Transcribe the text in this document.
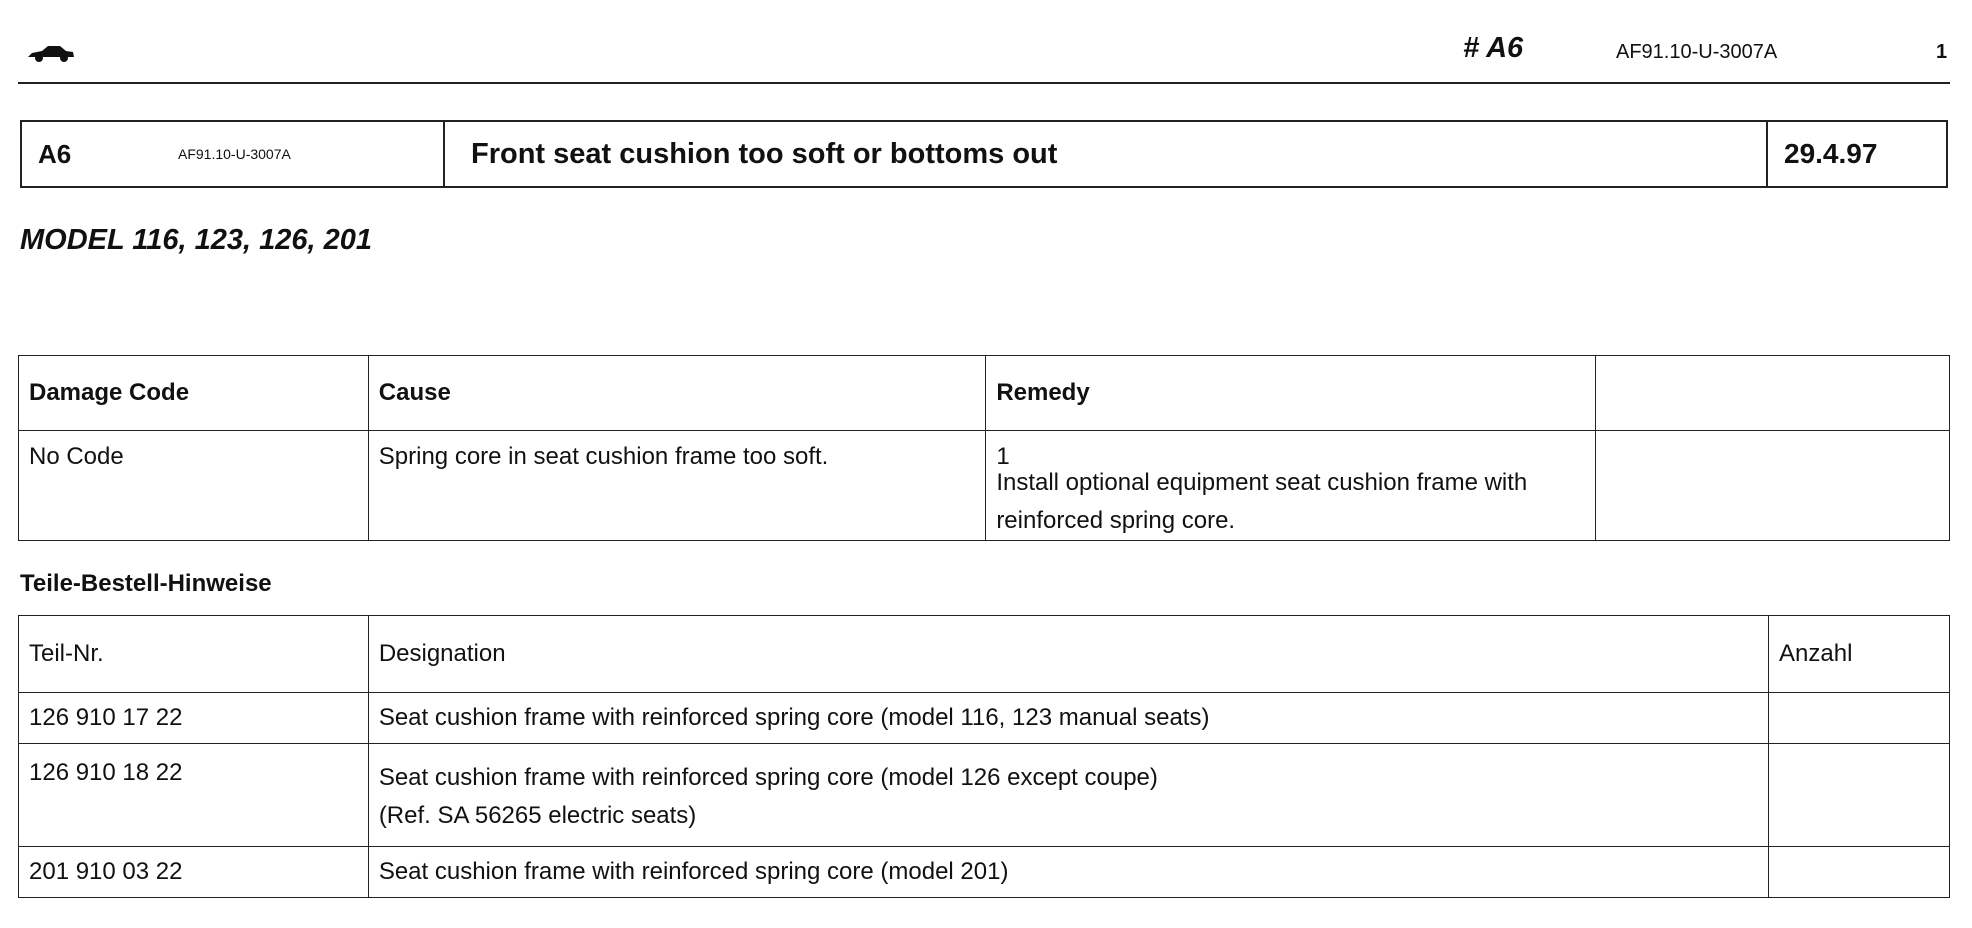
# A6	AF91.10-U-3007A	1
A6	AF91.10-U-3007A	Front seat cushion too soft or bottoms out	29.4.97
MODEL 116, 123, 126, 201
Damage Code	Cause	Remedy	
No Code	Spring core in seat cushion frame too soft.	1Install optional equipment seat cushion frame with reinforced spring core.	
Teile-Bestell-Hinweise
Teil-Nr.	Designation	Anzahl
126 910 17 22	Seat cushion frame with reinforced spring core (model 116, 123 manual seats)	
126 910 18 22	Seat cushion frame with reinforced spring core (model 126 except coupe)
(Ref. SA 56265 electric seats)	

201 910 03 22	Seat cushion frame with reinforced spring core (model 201)	
